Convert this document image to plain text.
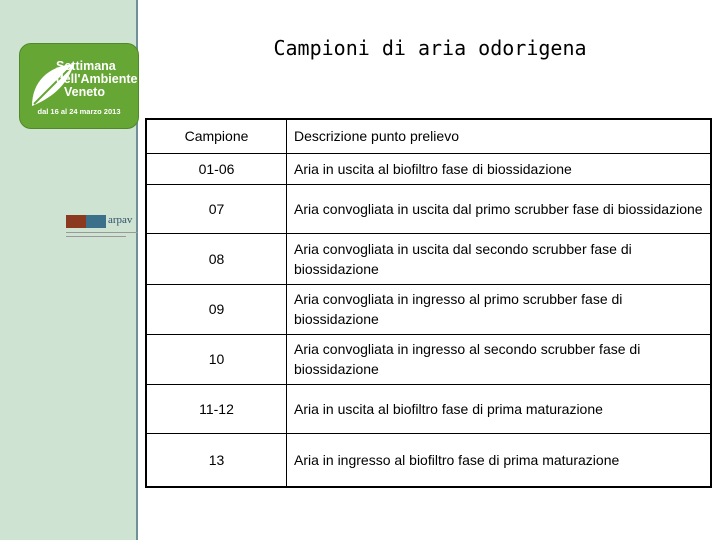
Settimana
dell'Ambiente
Veneto
dal 16 al 24 marzo 2013
arpav
Campioni di aria odorigena
Campione	Descrizione punto prelievo
01-06	Aria in uscita al biofiltro fase di biossidazione
07	Aria convogliata in uscita dal primo scrubber fase di biossidazione
08	Aria convogliata in uscita dal secondo scrubber fase di biossidazione
09	Aria convogliata in ingresso al primo scrubber fase di biossidazione
10	Aria convogliata in ingresso al secondo scrubber fase di biossidazione
11-12	Aria in uscita al biofiltro fase di prima maturazione
13	Aria in ingresso al biofiltro fase di prima maturazione
